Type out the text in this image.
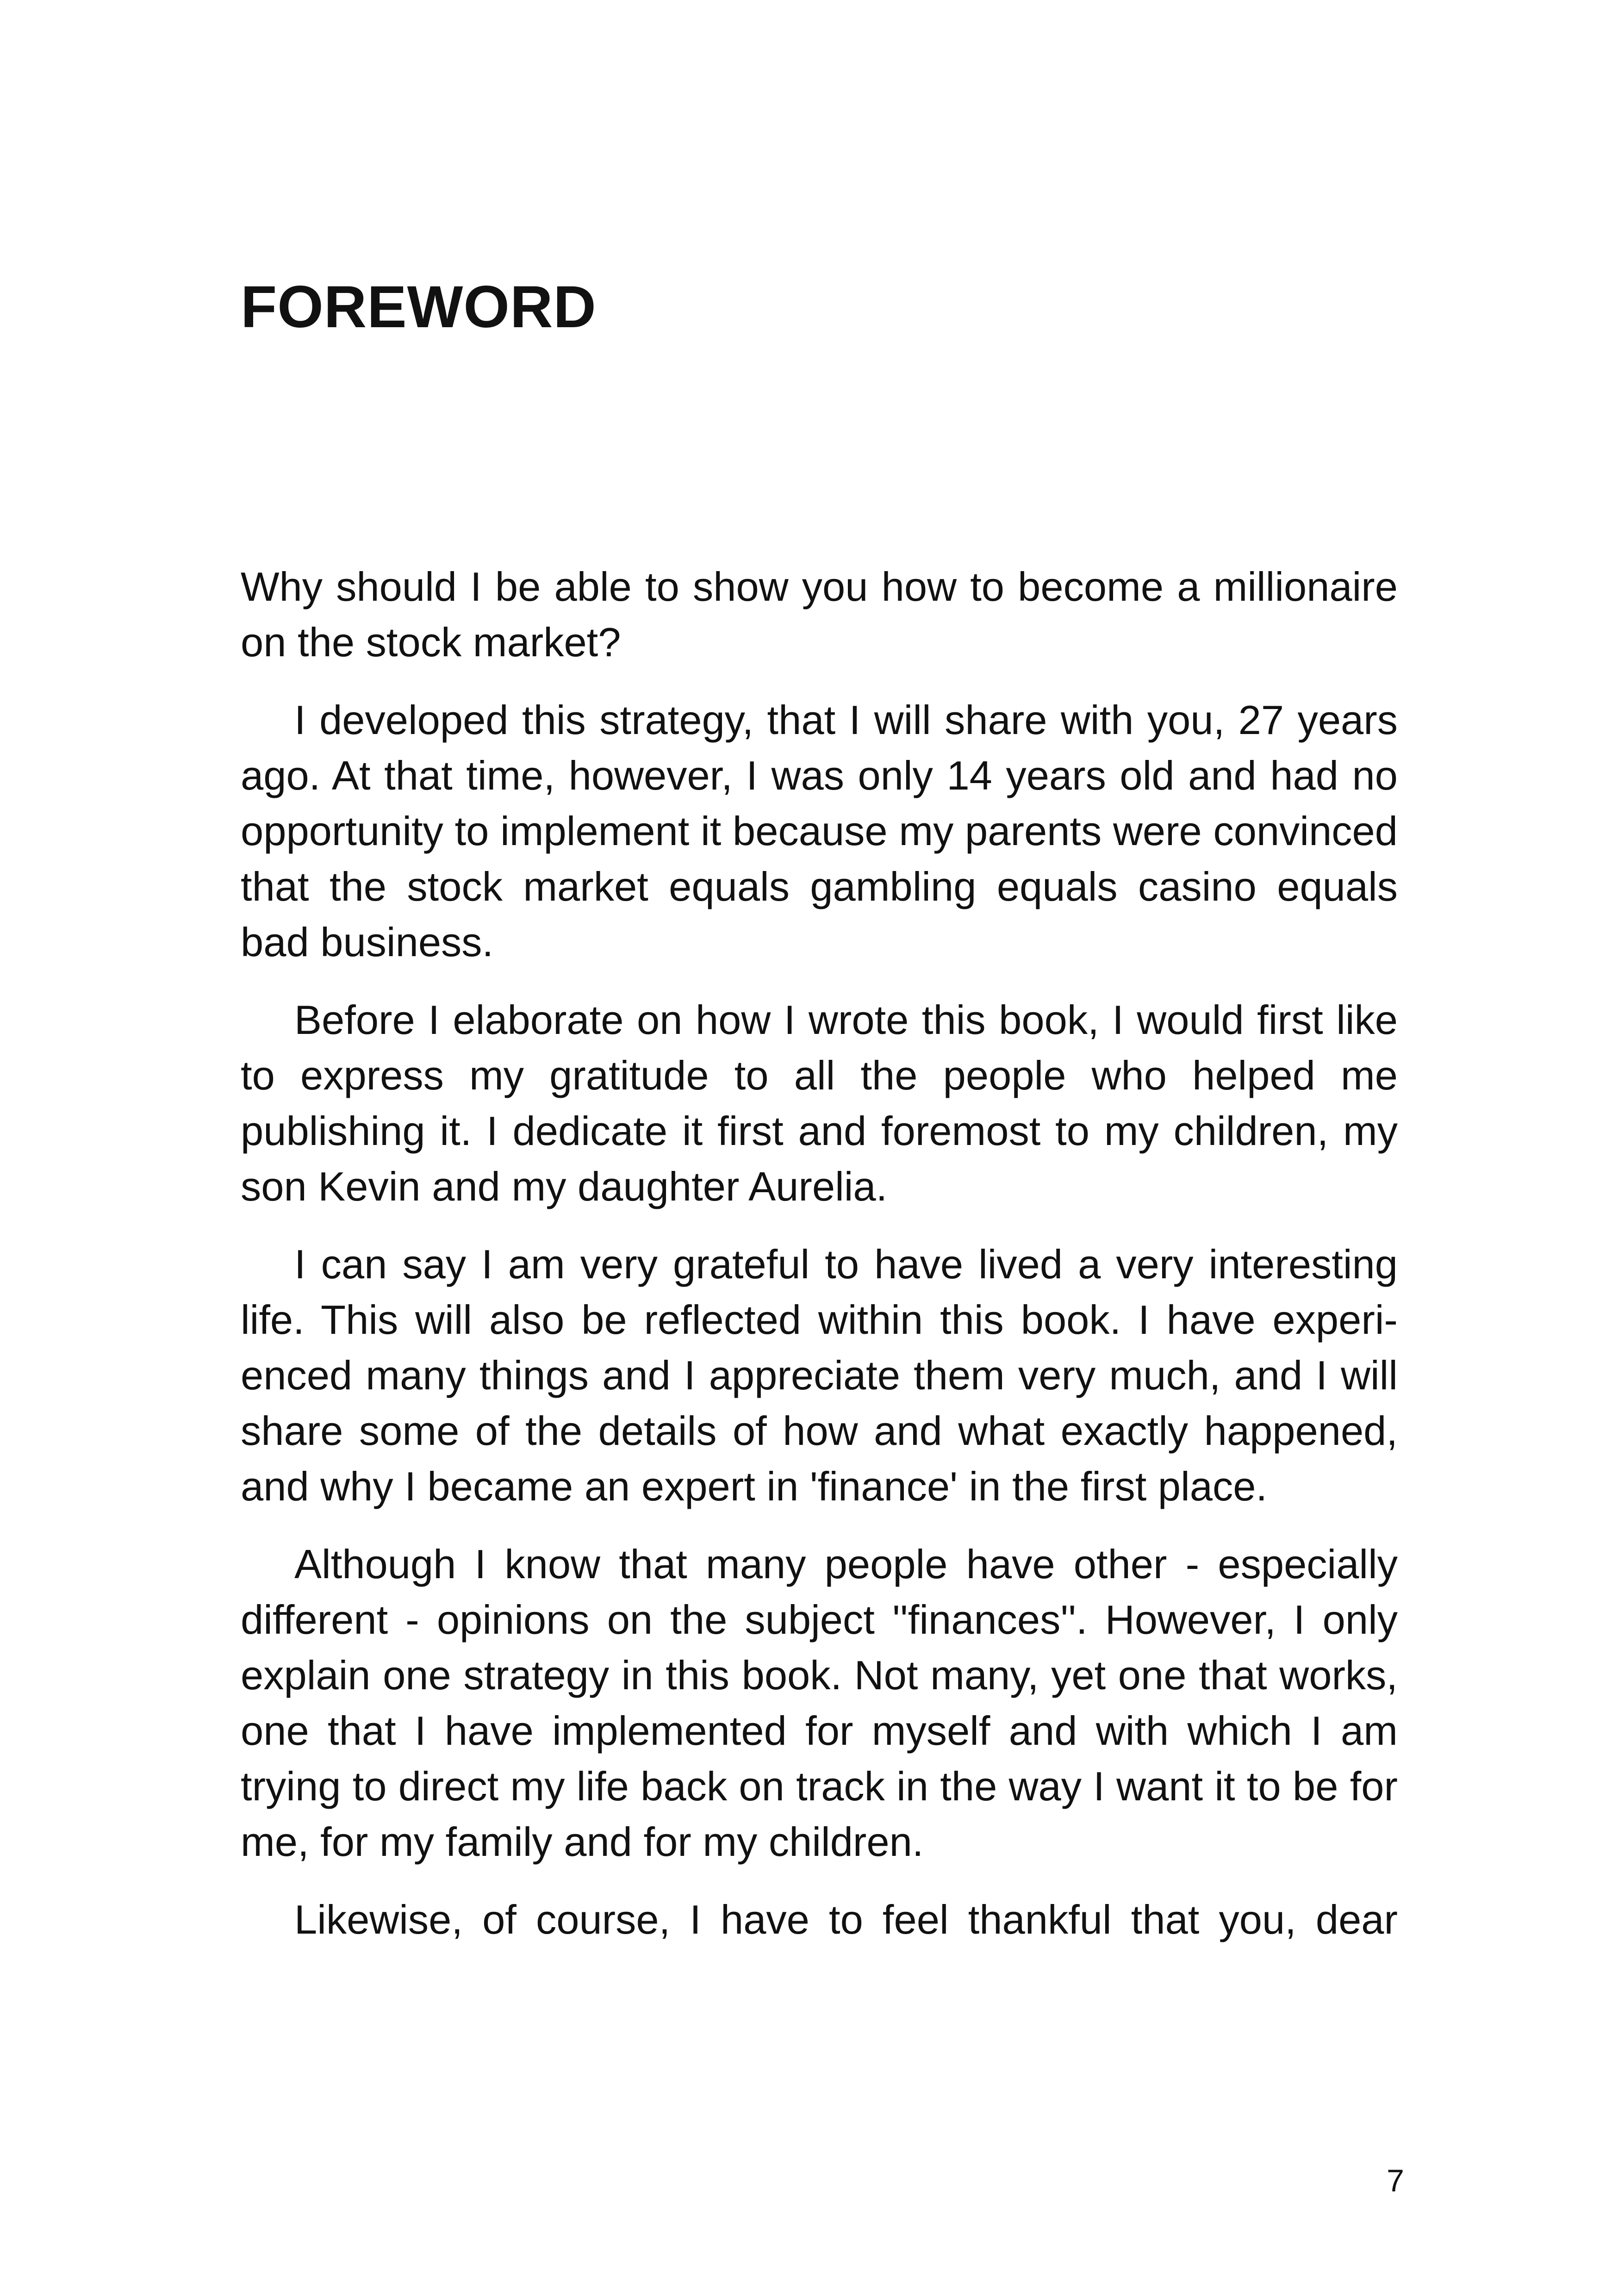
FOREWORD

Why should I be able to show you how to become a millionaire on the stock market?

I developed this strategy, that I will share with you, 27 years ago. At that time, however, I was only 14 years old and had no opportunity to implement it because my parents were convinced that the stock market equals gambling equals casino equals bad business.

Before I elaborate on how I wrote this book, I would first like to express my gratitude to all the people who helped me publishing it. I dedicate it first and foremost to my children, my son Kevin and my daughter Aurelia.

I can say I am very grateful to have lived a very interesting life. This will also be reflected within this book. I have experienced many things and I appreciate them very much, and I will share some of the details of how and what exactly happened, and why I became an expert in 'finance' in the first place.

Although I know that many people have other - especially different - opinions on the subject ''finances''. However, I only explain one strategy in this book. Not many, yet one that works, one that I have implemented for myself and with which I am trying to direct my life back on track in the way I want it to be for me, for my family and for my children.

Likewise, of course, I have to feel thankful that you, dear

7
